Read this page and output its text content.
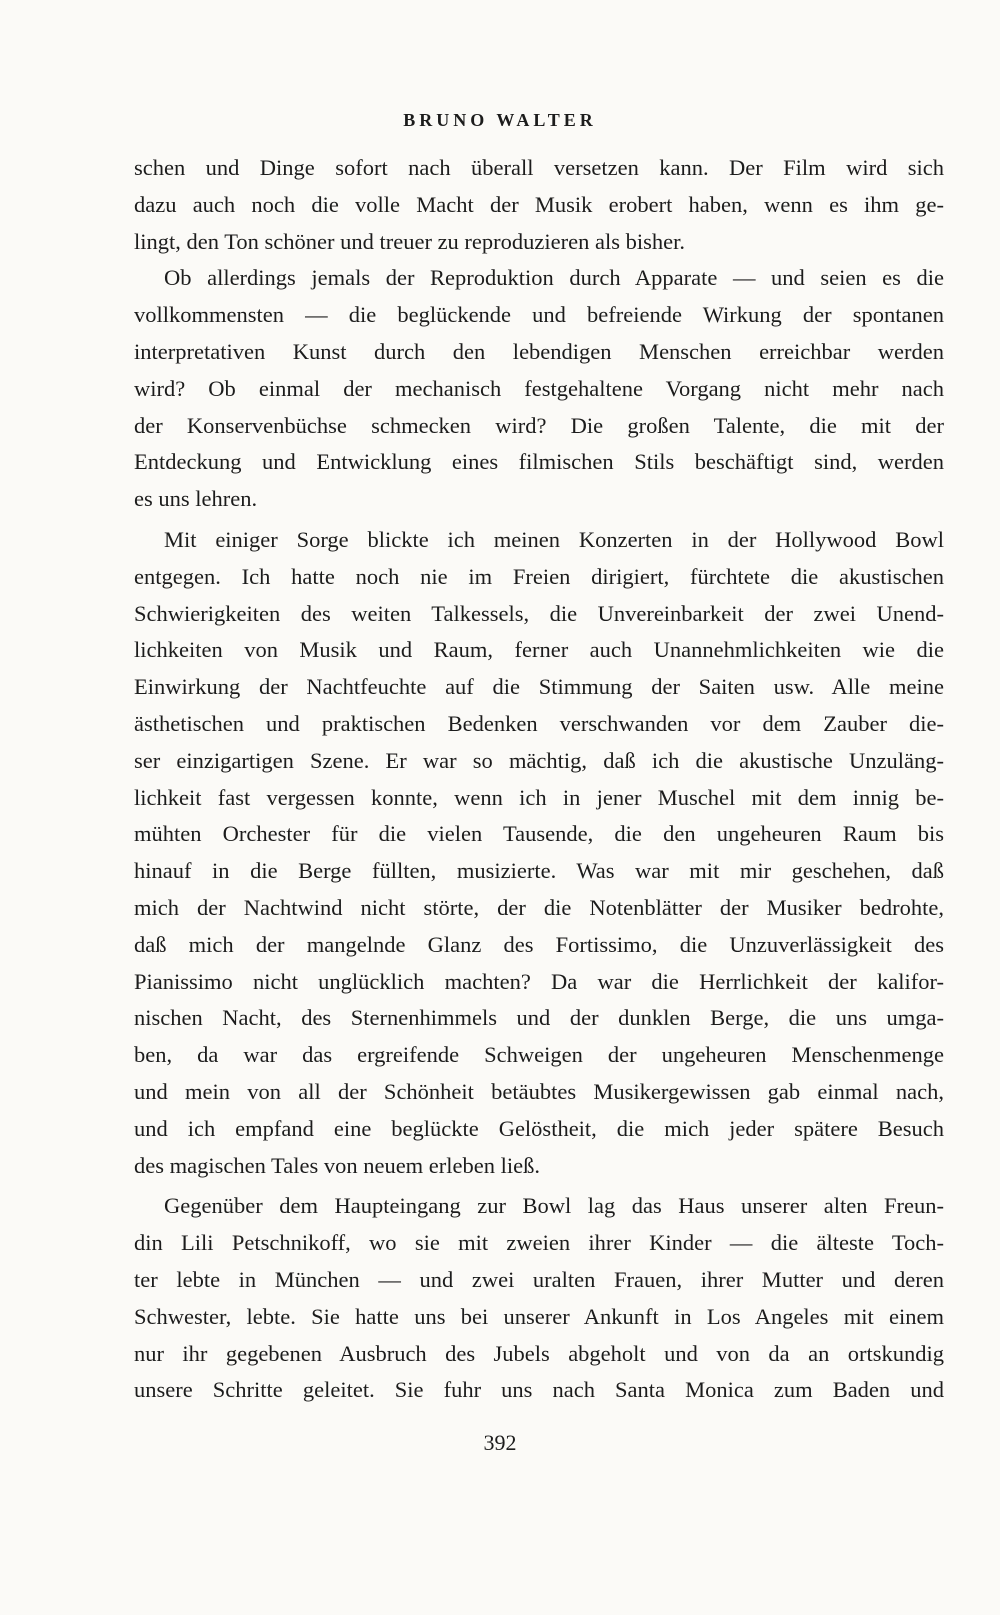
BRUNO WALTER
schen und Dinge sofort nach überall versetzen kann. Der Film wird sich
dazu auch noch die volle Macht der Musik erobert haben, wenn es ihm ge-
lingt, den Ton schöner und treuer zu reproduzieren als bisher.
Ob allerdings jemals der Reproduktion durch Apparate — und seien es die
vollkommensten — die beglückende und befreiende Wirkung der spontanen
interpretativen Kunst durch den lebendigen Menschen erreichbar werden
wird? Ob einmal der mechanisch festgehaltene Vorgang nicht mehr nach
der Konservenbüchse schmecken wird? Die großen Talente, die mit der
Entdeckung und Entwicklung eines filmischen Stils beschäftigt sind, werden
es uns lehren.
Mit einiger Sorge blickte ich meinen Konzerten in der Hollywood Bowl
entgegen. Ich hatte noch nie im Freien dirigiert, fürchtete die akustischen
Schwierigkeiten des weiten Talkessels, die Unvereinbarkeit der zwei Unend-
lichkeiten von Musik und Raum, ferner auch Unannehmlichkeiten wie die
Einwirkung der Nachtfeuchte auf die Stimmung der Saiten usw. Alle meine
ästhetischen und praktischen Bedenken verschwanden vor dem Zauber die-
ser einzigartigen Szene. Er war so mächtig, daß ich die akustische Unzuläng-
lichkeit fast vergessen konnte, wenn ich in jener Muschel mit dem innig be-
mühten Orchester für die vielen Tausende, die den ungeheuren Raum bis
hinauf in die Berge füllten, musizierte. Was war mit mir geschehen, daß
mich der Nachtwind nicht störte, der die Notenblätter der Musiker bedrohte,
daß mich der mangelnde Glanz des Fortissimo, die Unzuverlässigkeit des
Pianissimo nicht unglücklich machten? Da war die Herrlichkeit der kalifor-
nischen Nacht, des Sternenhimmels und der dunklen Berge, die uns umga-
ben, da war das ergreifende Schweigen der ungeheuren Menschenmenge
und mein von all der Schönheit betäubtes Musikergewissen gab einmal nach,
und ich empfand eine beglückte Gelöstheit, die mich jeder spätere Besuch
des magischen Tales von neuem erleben ließ.
Gegenüber dem Haupteingang zur Bowl lag das Haus unserer alten Freun-
din Lili Petschnikoff, wo sie mit zweien ihrer Kinder — die älteste Toch-
ter lebte in München — und zwei uralten Frauen, ihrer Mutter und deren
Schwester, lebte. Sie hatte uns bei unserer Ankunft in Los Angeles mit einem
nur ihr gegebenen Ausbruch des Jubels abgeholt und von da an ortskundig
unsere Schritte geleitet. Sie fuhr uns nach Santa Monica zum Baden und
392
